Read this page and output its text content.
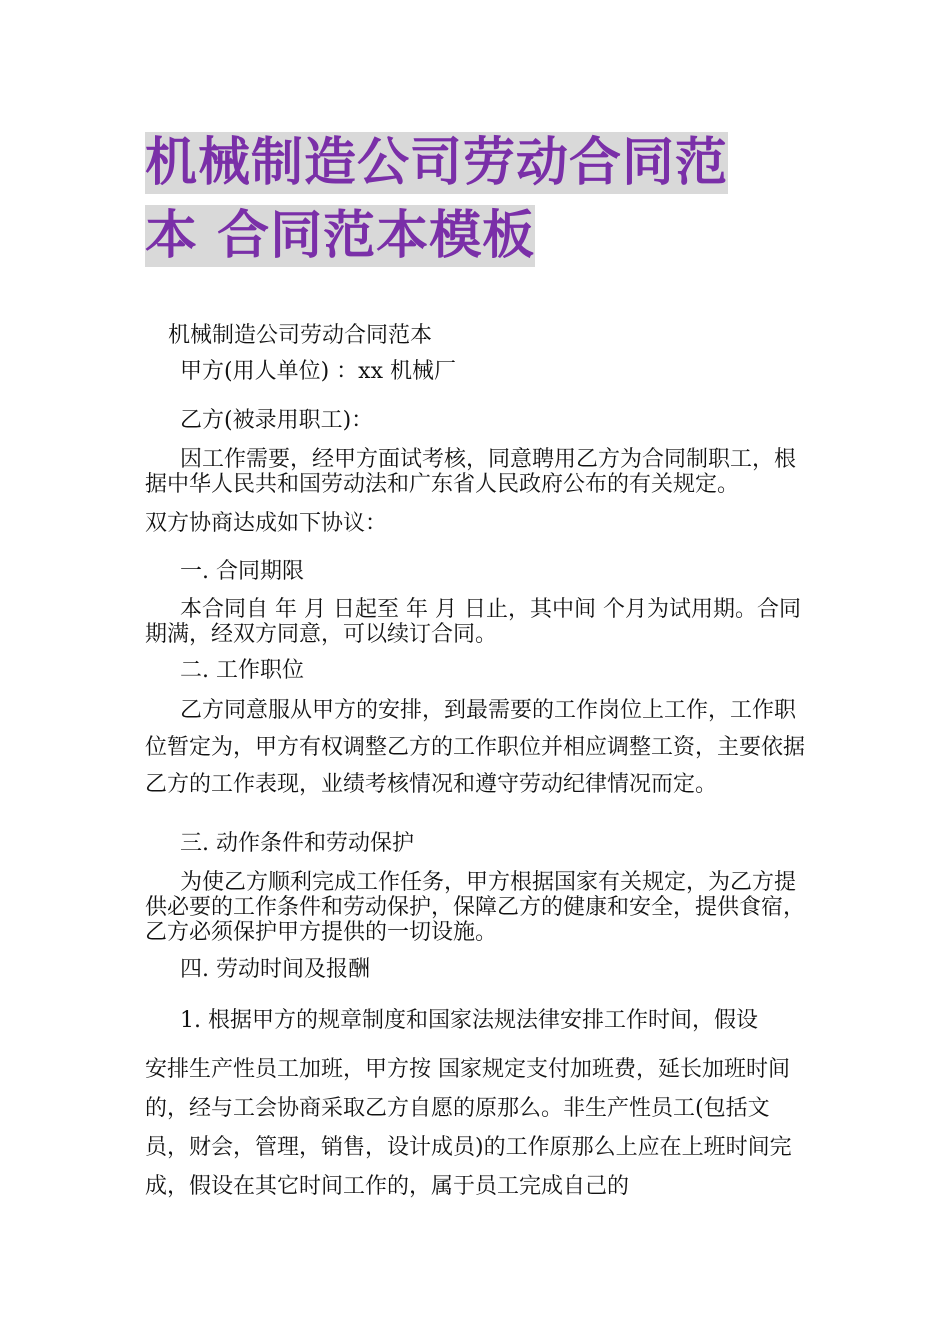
机械制造公司劳动合同范
本 合同范本模板
机械制造公司劳动合同范本
甲方(用人单位) ：xx 机械厂
乙方(被录用职工)：
因工作需要，经甲方面试考核，同意聘用乙方为合同制职工，根据中华人民共和国劳动法和广东省人民政府公布的有关规定。
双方协商达成如下协议：
一. 合同期限
本合同自 年 月 日起至 年 月 日止，其中间 个月为试用期。合同期满，经双方同意，可以续订合同。
二. 工作职位
乙方同意服从甲方的安排，到最需要的工作岗位上工作，工作职位暂定为，甲方有权调整乙方的工作职位并相应调整工资，主要依据乙方的工作表现，业绩考核情况和遵守劳动纪律情况而定。
三. 动作条件和劳动保护
为使乙方顺利完成工作任务，甲方根据国家有关规定，为乙方提供必要的工作条件和劳动保护，保障乙方的健康和安全，提供食宿，乙方必须保护甲方提供的一切设施。
四. 劳动时间及报酬
1. 根据甲方的规章制度和国家法规法律安排工作时间，假设
安排生产性员工加班，甲方按 国家规定支付加班费，延长加班时间的，经与工会协商采取乙方自愿的原那么。非生产性员工(包括文员，财会，管理，销售，设计成员)的工作原那么上应在上班时间完成，假设在其它时间工作的，属于员工完成自己的
